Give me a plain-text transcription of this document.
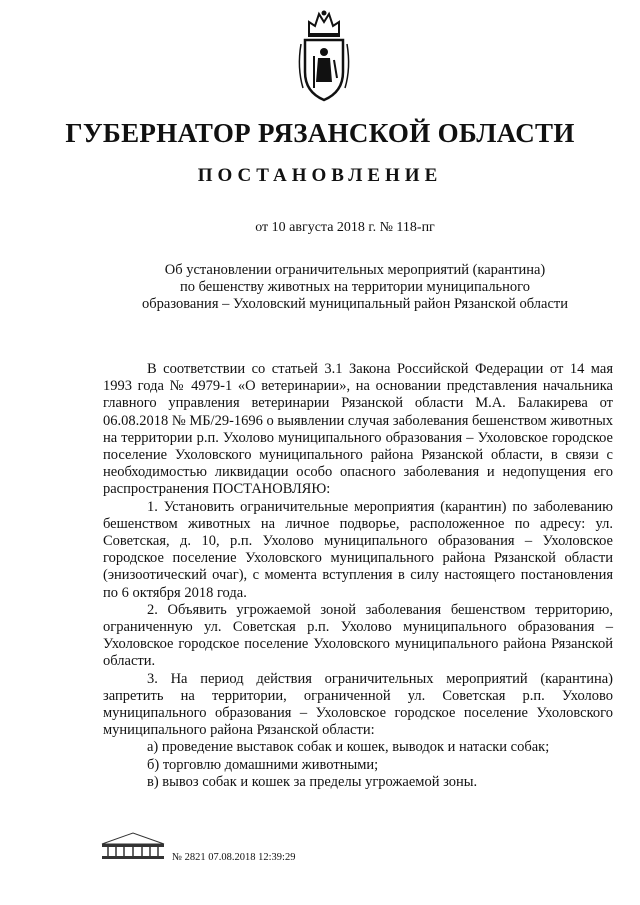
ГУБЕРНАТОР РЯЗАНСКОЙ ОБЛАСТИ
ПОСТАНОВЛЕНИЕ
от 10 августа 2018 г. № 118-пг
Об установлении ограничительных мероприятий (карантина)
по бешенству животных на территории муниципального
образования – Ухоловский муниципальный район Рязанской области

В соответствии со статьей 3.1 Закона Российской Федерации от 14 мая 1993 года № 4979-1 «О ветеринарии», на основании представления начальника главного управления ветеринарии Рязанской области М.А. Балакирева от 06.08.2018 № МБ/29-1696 о выявлении случая заболевания бешенством животных на территории р.п. Ухолово муниципального образования – Ухоловское городское поселение Ухоловского муниципального района Рязанской области, в связи с необходимостью ликвидации особо опасного заболевания и недопущения его распространения ПОСТАНОВЛЯЮ:

1. Установить ограничительные мероприятия (карантин) по заболеванию бешенством животных на личное подворье, расположенное по адресу: ул. Советская, д. 10, р.п. Ухолово муниципального образования – Ухоловское городское поселение Ухоловского муниципального района Рязанской области (энизоотический очаг), с момента вступления в силу настоящего постановления по 6 октября 2018 года.

2. Объявить угрожаемой зоной заболевания бешенством территорию, ограниченную ул. Советская р.п. Ухолово муниципального образования – Ухоловское городское поселение Ухоловского муниципального района Рязанской области.

3. На период действия ограничительных мероприятий (карантина) запретить на территории, ограниченной ул. Советская р.п. Ухолово муниципального образования – Ухоловское городское поселение Ухоловского муниципального района Рязанской области:

а) проведение выставок собак и кошек, выводок и натаски собак;

б) торговлю домашними животными;

в) вывоз собак и кошек за пределы угрожаемой зоны.

№ 2821 07.08.2018 12:39:29
